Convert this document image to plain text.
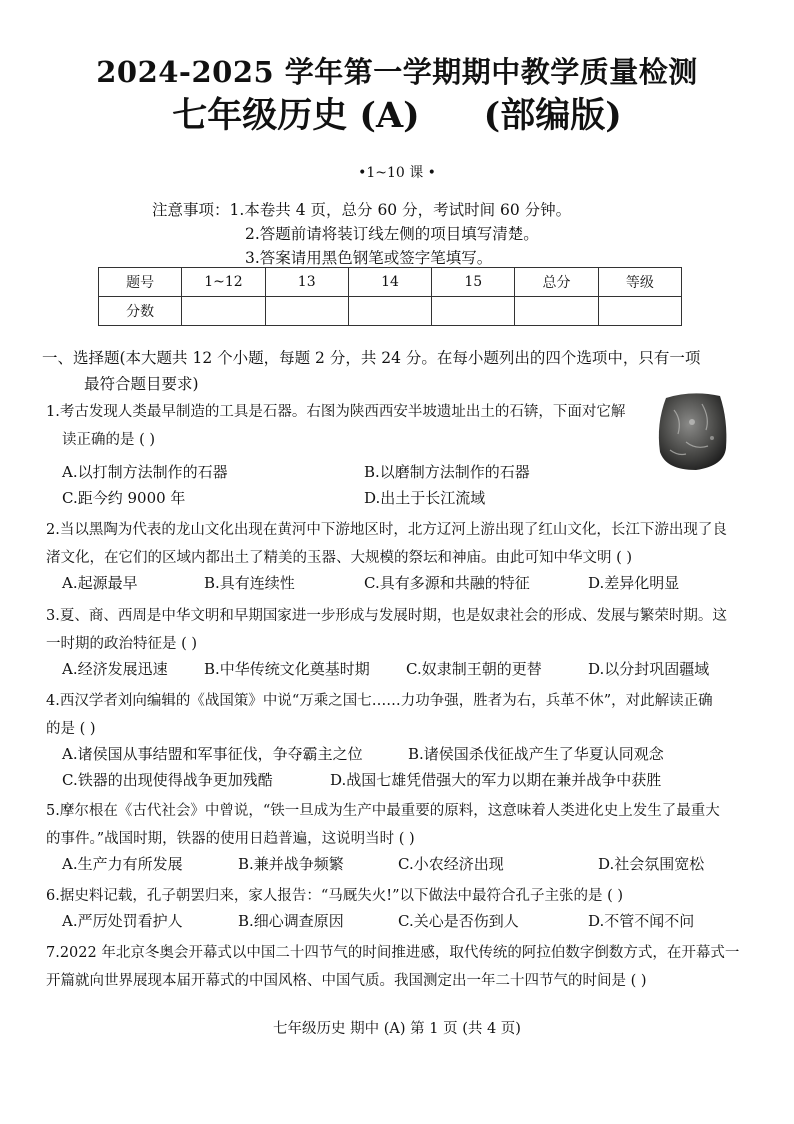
2024-2025 学年第一学期期中教学质量检测
七年级历史 (A) (部编版)
•1~10 课 •
注意事项：1.本卷共 4 页，总分 60 分，考试时间 60 分钟。
2.答题前请将装订线左侧的项目填写清楚。
3.答案请用黑色钢笔或签字笔填写。
题号	1~12	13	14	15	总分	等级
分数						
一、选择题(本大题共 12 个小题，每题 2 分，共 24 分。在每小题列出的四个选项中，只有一项
最符合题目要求)
1.考古发现人类最早制造的工具是石器。右图为陕西西安半坡遗址出土的石锛，下面对它解
读正确的是 ( )
A.以打制方法制作的石器	B.以磨制方法制作的石器
C.距今约 9000 年	D.出土于长江流域
2.当以黑陶为代表的龙山文化出现在黄河中下游地区时，北方辽河上游出现了红山文化，长江下游出现了良
渚文化，在它们的区域内都出土了精美的玉器、大规模的祭坛和神庙。由此可知中华文明 ( )
A.起源最早	B.具有连续性	C.具有多源和共融的特征	D.差异化明显
3.夏、商、西周是中华文明和早期国家进一步形成与发展时期，也是奴隶社会的形成、发展与繁荣时期。这
一时期的政治特征是 ( )
A.经济发展迅速 B.中华传统文化奠基时期 C.奴隶制王朝的更替	D.以分封巩固疆域
4.西汉学者刘向编辑的《战国策》中说“万乘之国七……力功争强，胜者为右，兵革不休”，对此解读正确
的是 ( )
A.诸侯国从事结盟和军事征伐，争夺霸主之位	B.诸侯国杀伐征战产生了华夏认同观念
C.铁器的出现使得战争更加残酷	D.战国七雄凭借强大的军力以期在兼并战争中获胜
5.摩尔根在《古代社会》中曾说，“铁一旦成为生产中最重要的原料，这意味着人类进化史上发生了最重大
的事件。”战国时期，铁器的使用日趋普遍，这说明当时 ( )
A.生产力有所发展	B.兼并战争频繁	C.小农经济出现	D.社会氛围宽松
6.据史料记载，孔子朝罢归来，家人报告：“马厩失火!”以下做法中最符合孔子主张的是 ( )
A.严厉处罚看护人	B.细心调查原因	C.关心是否伤到人	D.不管不闻不问
7.2022 年北京冬奥会开幕式以中国二十四节气的时间推进感，取代传统的阿拉伯数字倒数方式，在开幕式一
开篇就向世界展现本届开幕式的中国风格、中国气质。我国测定出一年二十四节气的时间是 ( )
七年级历史 期中 (A) 第 1 页 (共 4 页)
